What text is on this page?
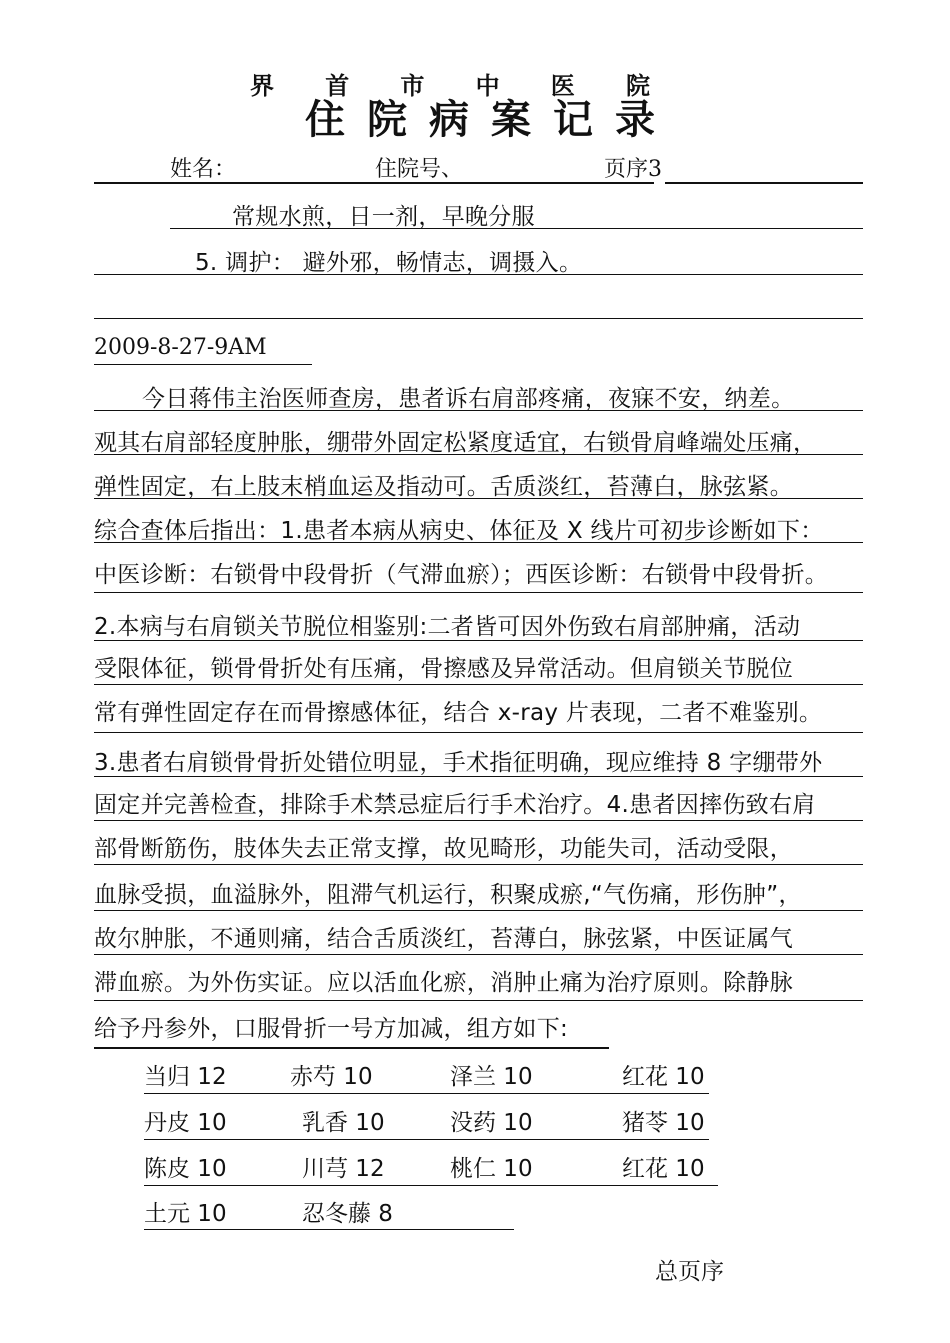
界 首 市 中 医 院
住 院 病 案 记 录
姓名：	住院号、	页序3
常规水煎，日一剂，早晚分服
5. 调护： 避外邪，畅情志，调摄入。
2009-8-27-9AM
今日蒋伟主治医师查房，患者诉右肩部疼痛，夜寐不安，纳差。
观其右肩部轻度肿胀，绷带外固定松紧度适宜，右锁骨肩峰端处压痛，
弹性固定，右上肢末梢血运及指动可。舌质淡红，苔薄白，脉弦紧。
综合查体后指出：1.患者本病从病史、体征及 X 线片可初步诊断如下：
中医诊断：右锁骨中段骨折（气滞血瘀）；西医诊断：右锁骨中段骨折。
2.本病与右肩锁关节脱位相鉴别:二者皆可因外伤致右肩部肿痛，活动
受限体征，锁骨骨折处有压痛，骨擦感及异常活动。但肩锁关节脱位
常有弹性固定存在而骨擦感体征，结合 x-ray 片表现，二者不难鉴别。
3.患者右肩锁骨骨折处错位明显，手术指征明确，现应维持 8 字绷带外
固定并完善检查，排除手术禁忌症后行手术治疗。4.患者因摔伤致右肩
部骨断筋伤，肢体失去正常支撑，故见畸形，功能失司，活动受限，
血脉受损，血溢脉外，阻滞气机运行，积聚成瘀,“气伤痛，形伤肿”，
故尔肿胀，不通则痛，结合舌质淡红，苔薄白，脉弦紧，中医证属气
滞血瘀。为外伤实证。应以活血化瘀，消肿止痛为治疗原则。除静脉
给予丹参外，口服骨折一号方加减，组方如下:
当归 12	赤芍 10	泽兰 10	红花 10
丹皮 10	乳香 10	没药 10	猪苓 10
陈皮 10	川芎 12	桃仁 10	红花 10
土元 10	忍冬藤 8
总页序
